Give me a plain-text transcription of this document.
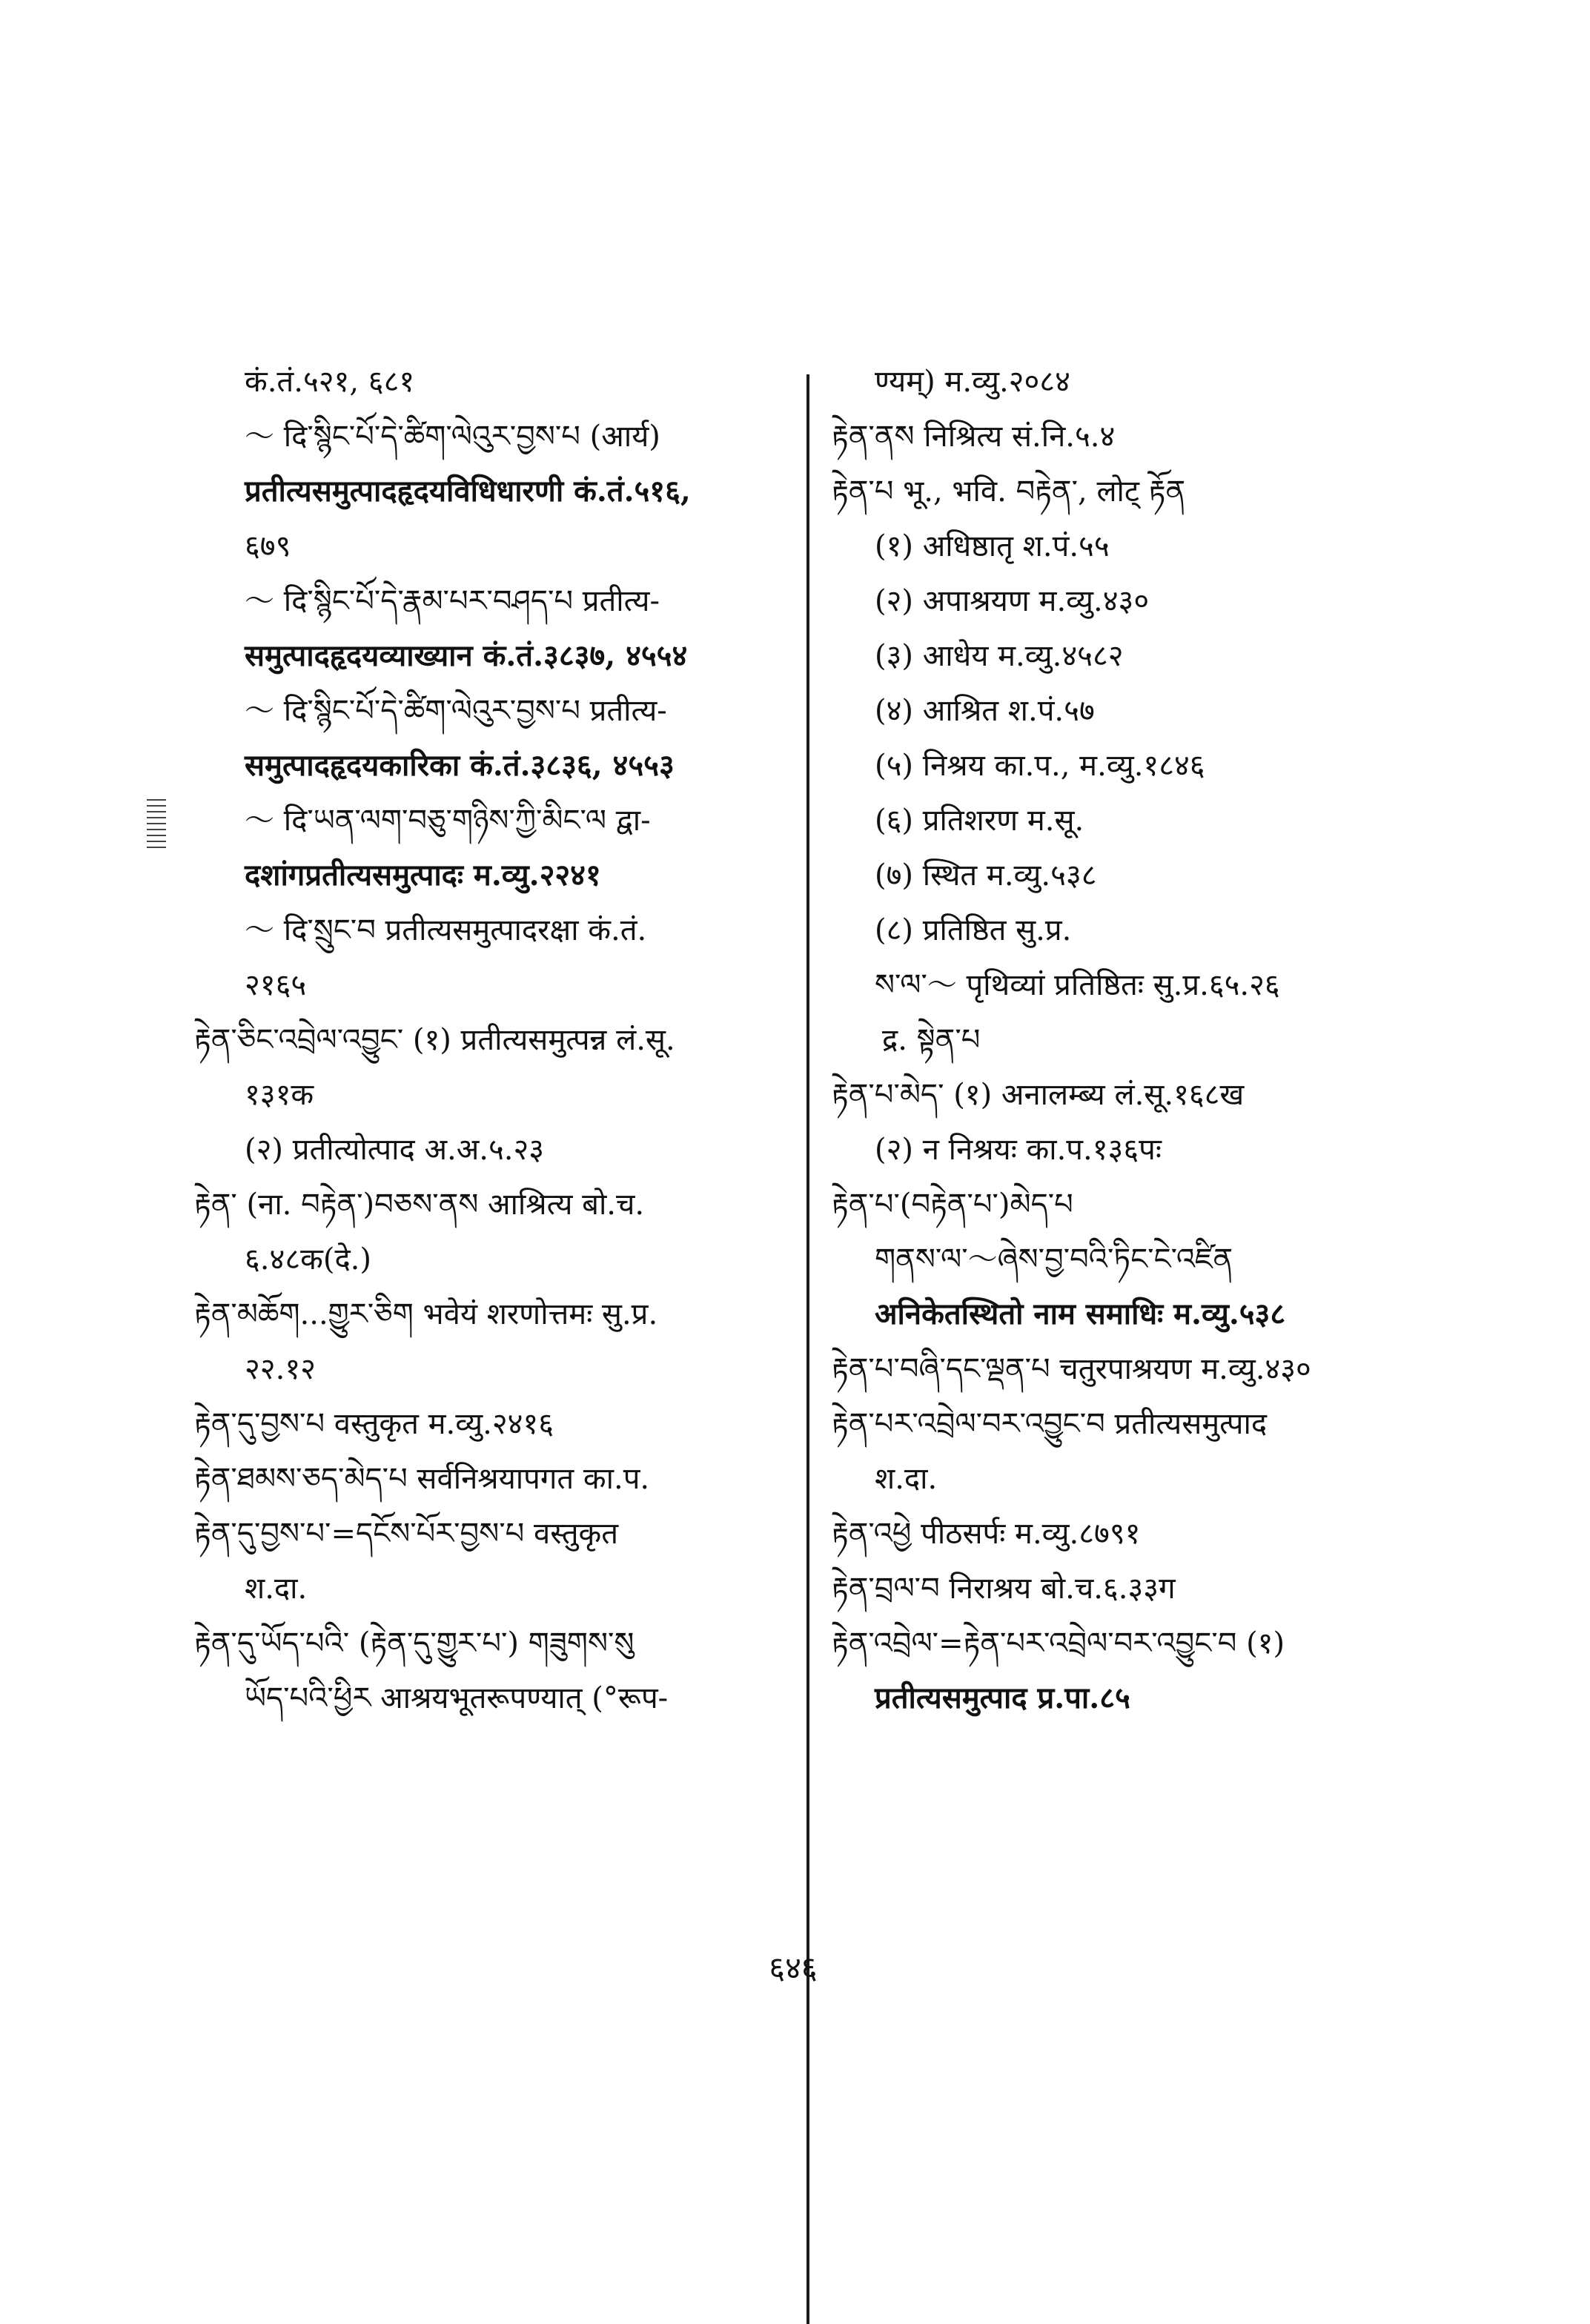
कं.तं.५२१, ६८१
～ दि་སྙིང་པོ་དེ་ཚིག་ལེའུར་བྱས་པ (आर्य)
प्रतीत्यसमुत्पादहृदयविधिधारणी कं.तं.५१६,
६७९
～ दि་སྙིང་པོ་དེ་རྣམ་པར་བཤད་པ प्रतीत्य-
समुत्पादहृदयव्याख्यान कं.तं.३८३७, ४५५४
～ दि་སྙིང་པོ་དེ་ཚིག་ལེའུར་བྱས་པ प्रतीत्य-
समुत्पादहृदयकारिका कं.तं.३८३६, ४५५३
～ दि་ཡན་ལག་བཅུ་གཉིས་ཀྱི་མིང་ལ द्वा-
दशांगप्रतीत्यसमुत्पादः म.व्यु.२२४१
～ दि་སྲུང་བ प्रतीत्यसमुत्पादरक्षा कं.तं.
२१६५
རྟེན་ཅིང་འབྲེལ་འབྱུང་ (१) प्रतीत्यसमुत्पन्न लं.सू.
१३१क
(२) प्रतीत्योत्पाद अ.अ.५.२३
རྟེན་ (ना. བརྟེན་)བཅས་ནས आश्रित्य बो.च.
६.४८क(दे.)
རྟེན་མཆོག...གྱུར་ཅིག भवेयं शरणोत्तमः सु.प्र.
२२.१२
རྟེན་དུ་བྱས་པ वस्तुकृत म.व्यु.२४१६
རྟེན་ཐམས་ཅད་མེད་པ सर्वनिश्रयापगत का.प.
རྟེན་དུ་བྱས་པ་=དངོས་པོར་བྱས་པ वस्तुकृत
श.दा.
རྟེན་དུ་ཡོད་པའི་ (རྟེན་དུ་གྱུར་པ་) གཟུགས་སུ
ཡོད་པའི་ཕྱིར आश्रयभूतरूपण्यात् (°रूप-
ण्यम्) म.व्यु.२०८४
རྟེན་ནས निश्रित्य सं.नि.५.४
རྟེན་པ भू., भवि. བརྟེན་, लोट् རྟོན
(१) अधिष्ठातृ श.पं.५५
(२) अपाश्रयण म.व्यु.४३०
(३) आधेय म.व्यु.४५८२
(४) आश्रित श.पं.५७
(५) निश्रय का.प., म.व्यु.१८४६
(६) प्रतिशरण म.सू.
(७) स्थित म.व्यु.५३८
(८) प्रतिष्ठित सु.प्र.
ས་ལ་～ पृथिव्यां प्रतिष्ठितः सु.प्र.६५.२६
द्र. སྟེན་པ
རྟེན་པ་མེད་ (१) अनालम्ब्य लं.सू.१६८ख
(२) न निश्रयः का.प.१३६पः
རྟེན་པ་(བརྟེན་པ་)མེད་པ
གནས་ལ་～ཞེས་བྱ་བའི་ཏིང་ངེ་འཛིན
अनिकेतस्थितो नाम समाधिः म.व्यु.५३८
རྟེན་པ་བཞི་དང་ལྡན་པ चतुरपाश्रयण म.व्यु.४३०
རྟེན་པར་འབྲེལ་བར་འབྱུང་བ प्रतीत्यसमुत्पाद
श.दा.
རྟེན་འཕྱེ पीठसर्पः म.व्यु.८७९१
རྟེན་བྲལ་བ निराश्रय बो.च.६.३३ग
རྟེན་འབྲེལ་=རྟེན་པར་འབྲེལ་བར་འབྱུང་བ (१)
प्रतीत्यसमुत्पाद प्र.पा.८५
६४६
